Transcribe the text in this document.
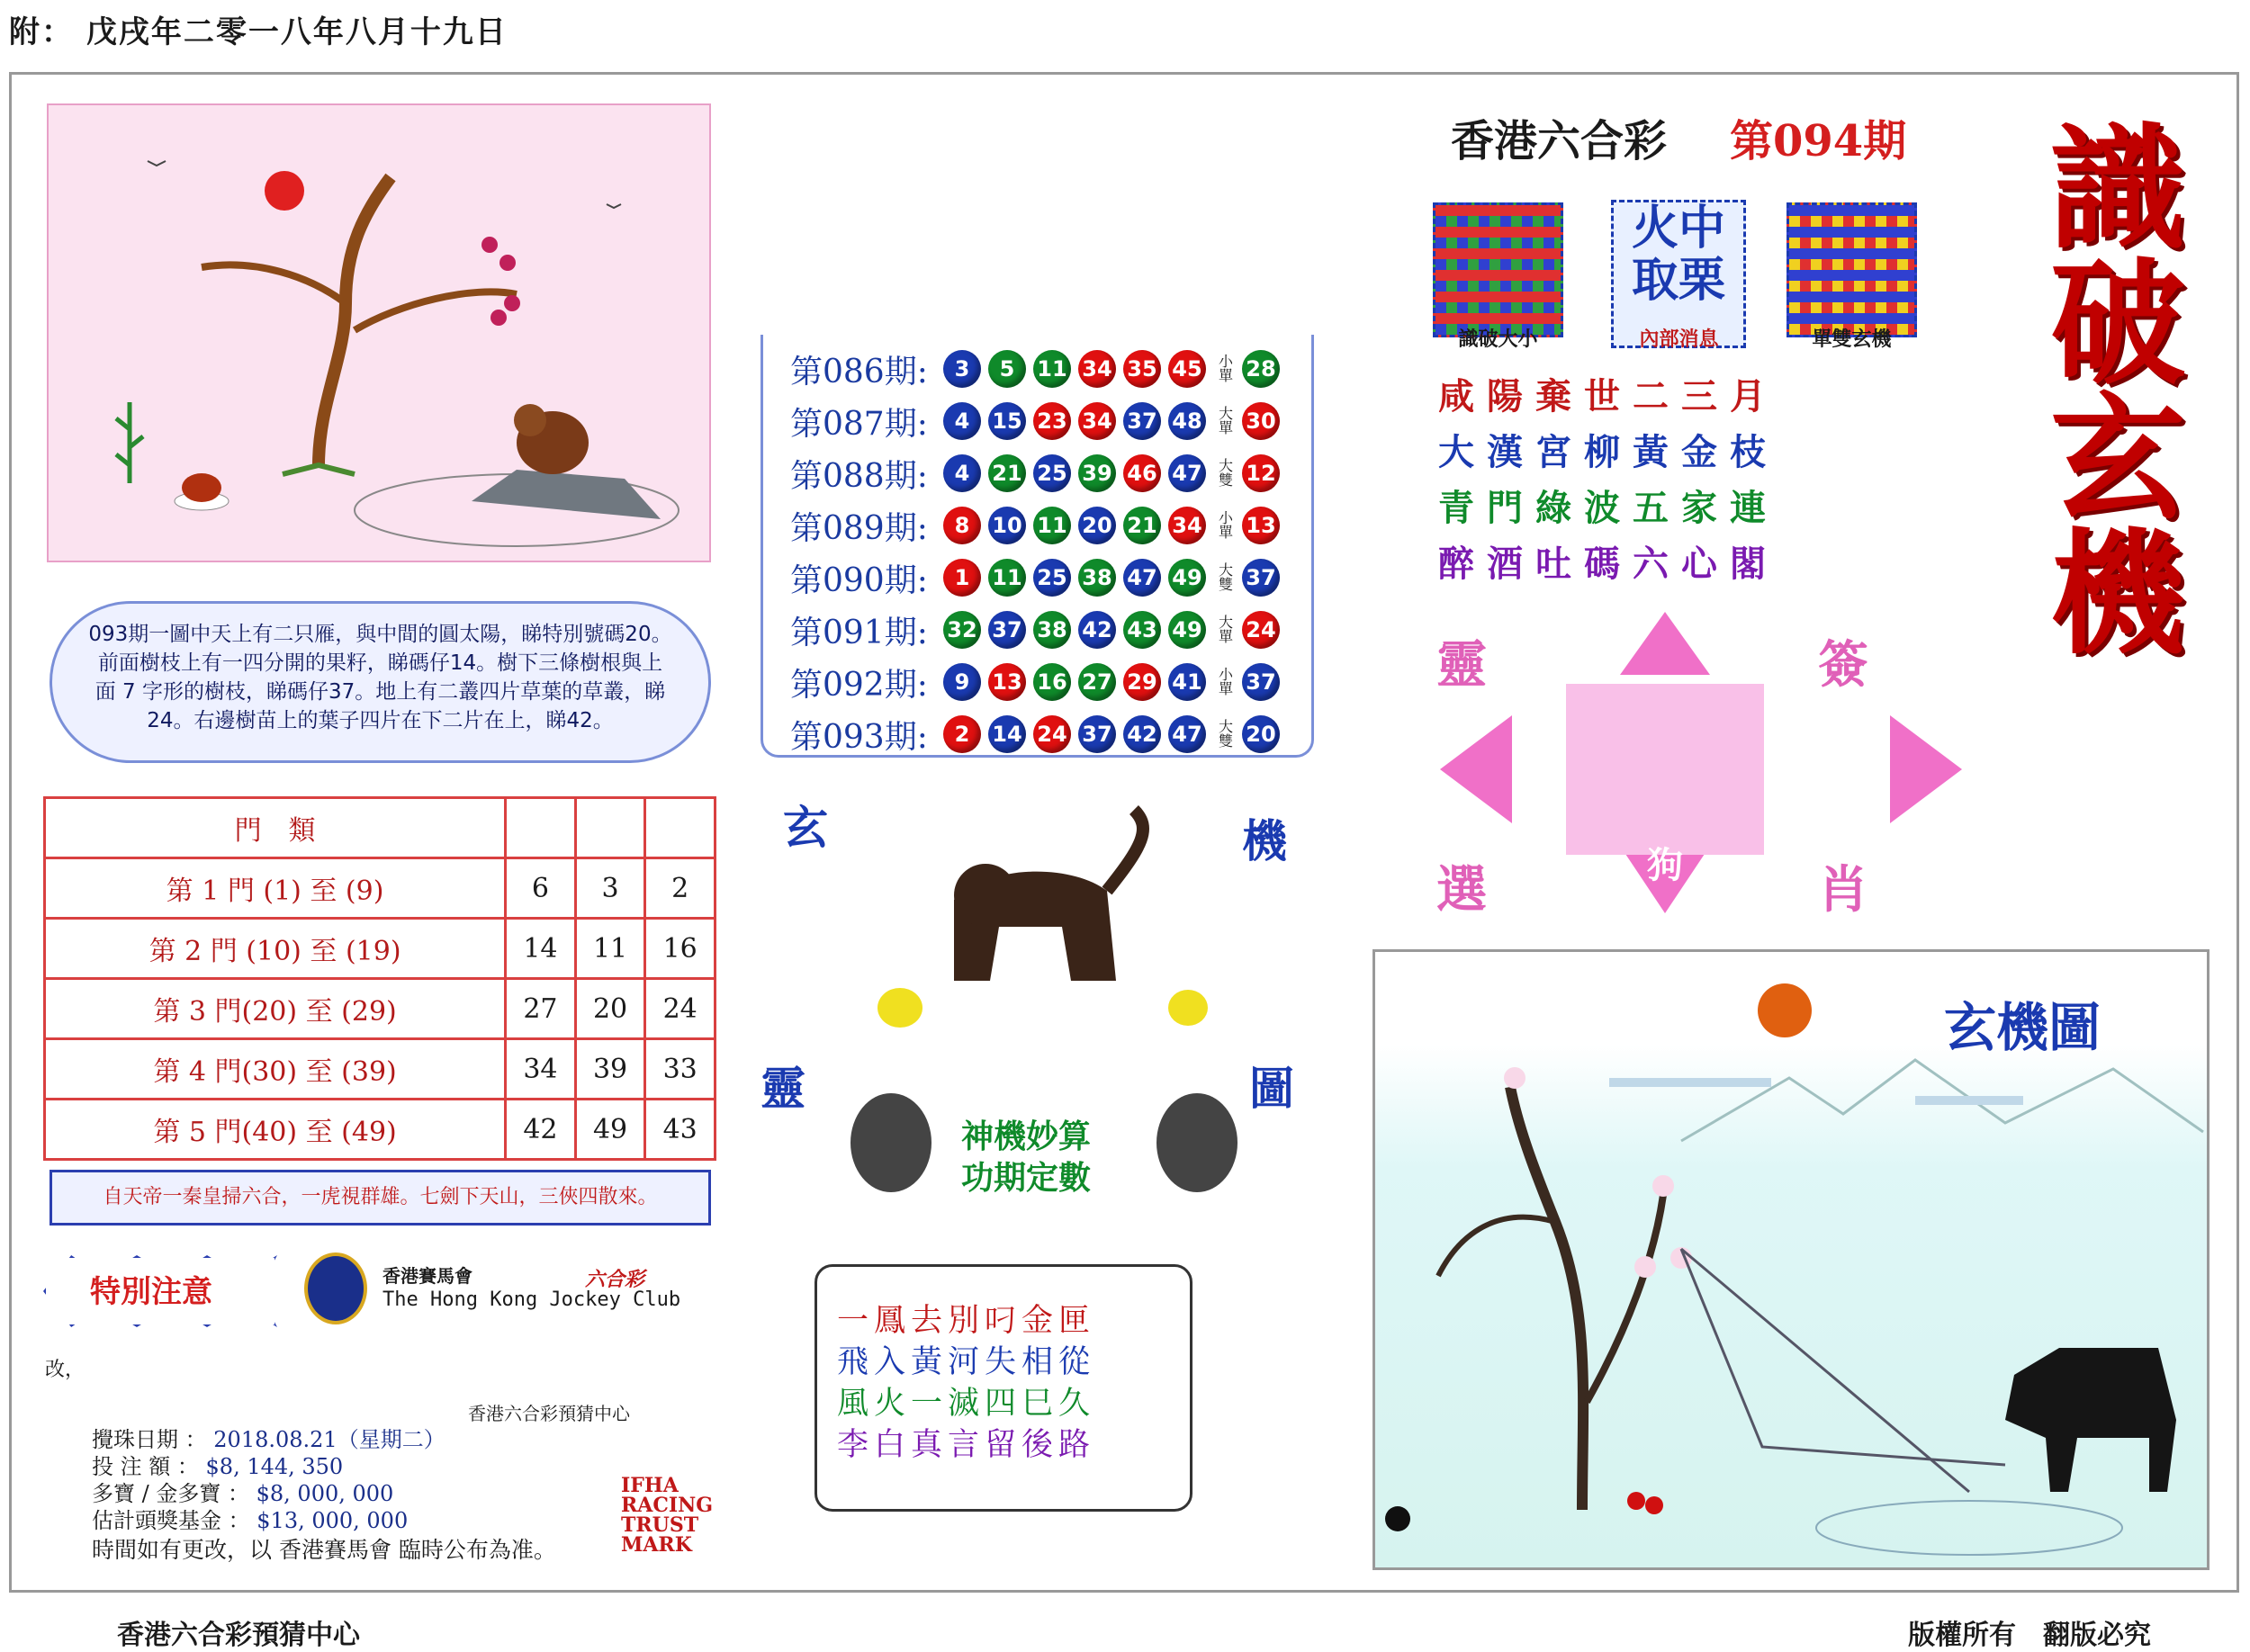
附： 戊戌年二零一八年八月十九日
093期一圖中天上有二只雁，與中間的圓太陽，睇特別號碼20。前面樹枝上有一四分開的果籽，睇碼仔14。樹下三條樹根與上面 7 字形的樹枝，睇碼仔37。地上有二叢四片草葉的草叢，睇24。右邊樹苗上的葉子四片在下二片在上，睇42。
門　類			
第 1 門 (1) 至 (9)	6	3	2
第 2 門 (10) 至 (19)	14	11	16
第 3 門(20) 至 (29)	27	20	24
第 4 門(30) 至 (39)	34	39	33
第 5 門(40) 至 (49)	42	49	43
自天帝一秦皇掃六合，一虎視群雄。七劍下天山，三俠四散來。
特別注意	香港賽馬會
The Hong Kong Jockey Club
六合彩
改，
香港六合彩預猜中心
攪珠日期 ： 2018.08.21（星期二）
投 注 額 ： $8, 144, 350
多寶 / 金多寶 ： $8, 000, 000
估計頭獎基金 ： $13, 000, 000
時間如有更改，以 香港賽馬會 臨時公布為准。
IFHA RACING TRUST MARK
第086期:	3	5	11 34 35 45	小單 28
第087期:	4	15 23 34 37 48	大單 30
第088期:	4	21 25 39 46 47	大雙 12
第089期:	8	10 11 20 21 34	小單 13
第090期:	1	11 25 38 47 49	大雙 37
第091期: 32 37 38 42 43 49	大單 24
第092期:	9	13 16 27 29 41	小單 37
第093期:	2	14 24 37 42 47	大雙 20
玄	機
靈	圖
神機妙算 功期定數
一鳳去別叼金匣
飛入黃河失相從
風火一滅四巳久
李白真言留後路
香港六合彩 第094期
識破大小
火中取栗
內部消息	單雙玄機
咸陽棄世二三月
大漢宮柳黃金枝
青門綠波五家連
醉酒吐碼六心閣 識破玄機
靈	簽
選	肖
豬
狗
玄機圖
香港六合彩預猜中心	版權所有　翻版必究
